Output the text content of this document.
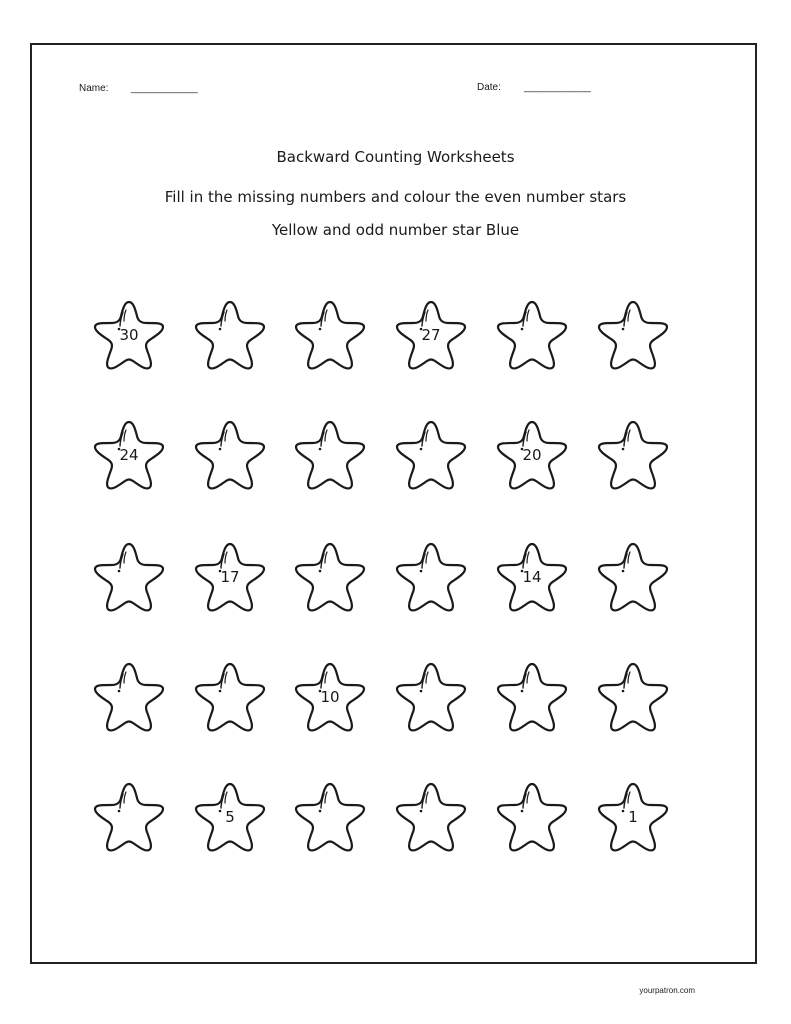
Name: ____________	Date: ____________
Backward Counting Worksheets
Fill in the missing numbers and colour the even number stars
Yellow and odd number star Blue
30	27
24	20
17	14
10
5	1
yourpatron.com
